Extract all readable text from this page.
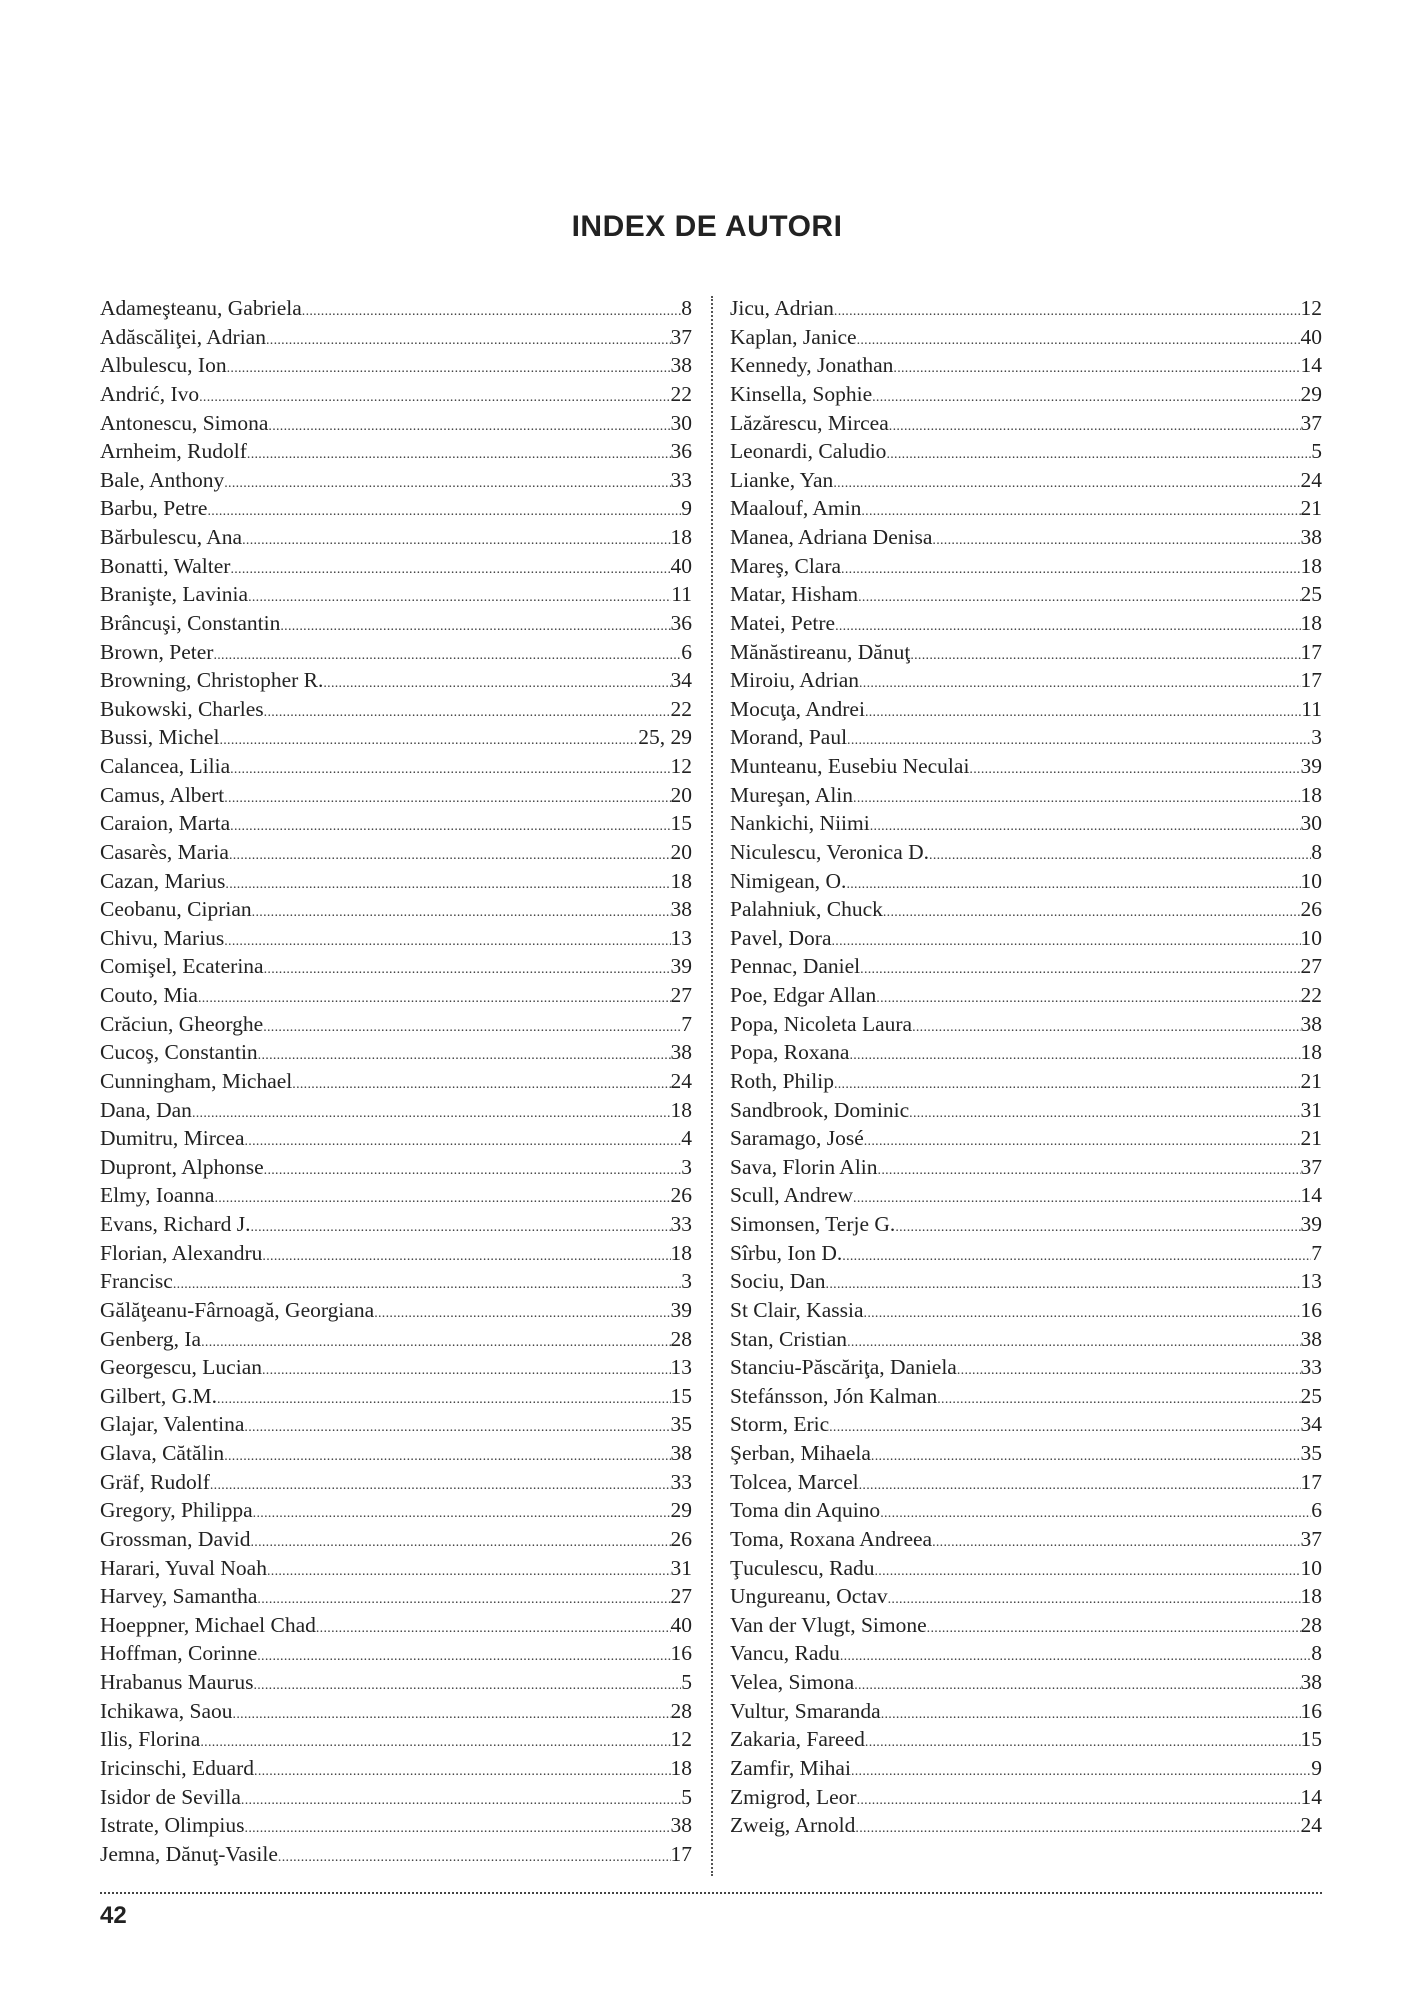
INDEX DE AUTORI
Adameşteanu, Gabriela . . .	8
Adăscăliţei, Adrian . . .	37
Albulescu, Ion . . .	38
Andrić, Ivo . . .	22
Antonescu, Simona . . .	30
Arnheim, Rudolf . . .	36
Bale, Anthony . . .	33
Barbu, Petre . . .	9
Bărbulescu, Ana . . .	18
Bonatti, Walter . . .	40
Branişte, Lavinia . . .	11
Brâncuşi, Constantin . . .	36
Brown, Peter . . .	6
Browning, Christopher R. . . .	34
Bukowski, Charles . . .	22
Bussi, Michel . . .	25, 29
Calancea, Lilia . . .	12
Camus, Albert . . .	20
Caraion, Marta . . .	15
Casarès, Maria . . .	20
Cazan, Marius . . .	18
Ceobanu, Ciprian . . .	38
Chivu, Marius . . .	13
Comişel, Ecaterina . . .	39
Couto, Mia . . .	27
Crăciun, Gheorghe . . .	7
Cucoş, Constantin . . .	38
Cunningham, Michael . . .	24
Dana, Dan . . .	18
Dumitru, Mircea . . .	4
Dupront, Alphonse . . .	3
Elmy, Ioanna . . .	26
Evans, Richard J. . . .	33
Florian, Alexandru . . .	18
Francisc . . .	3
Gălăţeanu-Fârnoagă, Georgiana . . .	39
Genberg, Ia . . .	28
Georgescu, Lucian . . .	13
Gilbert, G.M. . . .	15
Glajar, Valentina . . .	35
Glava, Cătălin . . .	38
Gräf, Rudolf . . .	33
Gregory, Philippa . . .	29
Grossman, David . . .	26
Harari, Yuval Noah . . .	31
Harvey, Samantha . . .	27
Hoeppner, Michael Chad . . .	40
Hoffman, Corinne . . .	16
Hrabanus Maurus . . .	5
Ichikawa, Saou . . .	28
Ilis, Florina . . .	12
Iricinschi, Eduard . . .	18
Isidor de Sevilla . . .	5
Istrate, Olimpius . . .	38
Jemna, Dănuţ-Vasile . . .	17
Jicu, Adrian . . .	12
Kaplan, Janice . . .	40
Kennedy, Jonathan . . .	14
Kinsella, Sophie . . .	29
Lăzărescu, Mircea . . .	37
Leonardi, Caludio . . .	5
Lianke, Yan . . .	24
Maalouf, Amin . . .	21
Manea, Adriana Denisa . . .	38
Mareş, Clara . . .	18
Matar, Hisham . . .	25
Matei, Petre . . .	18
Mănăstireanu, Dănuţ . . .	17
Miroiu, Adrian . . .	17
Mocuţa, Andrei . . .	11
Morand, Paul . . .	3
Munteanu, Eusebiu Neculai . . .	39
Mureşan, Alin . . .	18
Nankichi, Niimi . . .	30
Niculescu, Veronica D. . . .	8
Nimigean, O. . . .	10
Palahniuk, Chuck . . .	26
Pavel, Dora . . .	10
Pennac, Daniel . . .	27
Poe, Edgar Allan . . .	22
Popa, Nicoleta Laura . . .	38
Popa, Roxana . . .	18
Roth, Philip . . .	21
Sandbrook, Dominic . . .	31
Saramago, José . . .	21
Sava, Florin Alin . . .	37
Scull, Andrew . . .	14
Simonsen, Terje G. . . .	39
Sîrbu, Ion D. . . .	7
Sociu, Dan . . .	13
St Clair, Kassia . . .	16
Stan, Cristian . . .	38
Stanciu-Păscăriţa, Daniela . . .	33
Stefánsson, Jón Kalman . . .	25
Storm, Eric . . .	34
Şerban, Mihaela . . .	35
Tolcea, Marcel . . .	17
Toma din Aquino . . .	6
Toma, Roxana Andreea . . .	37
Ţuculescu, Radu . . .	10
Ungureanu, Octav . . .	18
Van der Vlugt, Simone . . .	28
Vancu, Radu . . .	8
Velea, Simona . . .	38
Vultur, Smaranda . . .	16
Zakaria, Fareed . . .	15
Zamfir, Mihai . . .	9
Zmigrod, Leor . . .	14
Zweig, Arnold . . .	24
42
